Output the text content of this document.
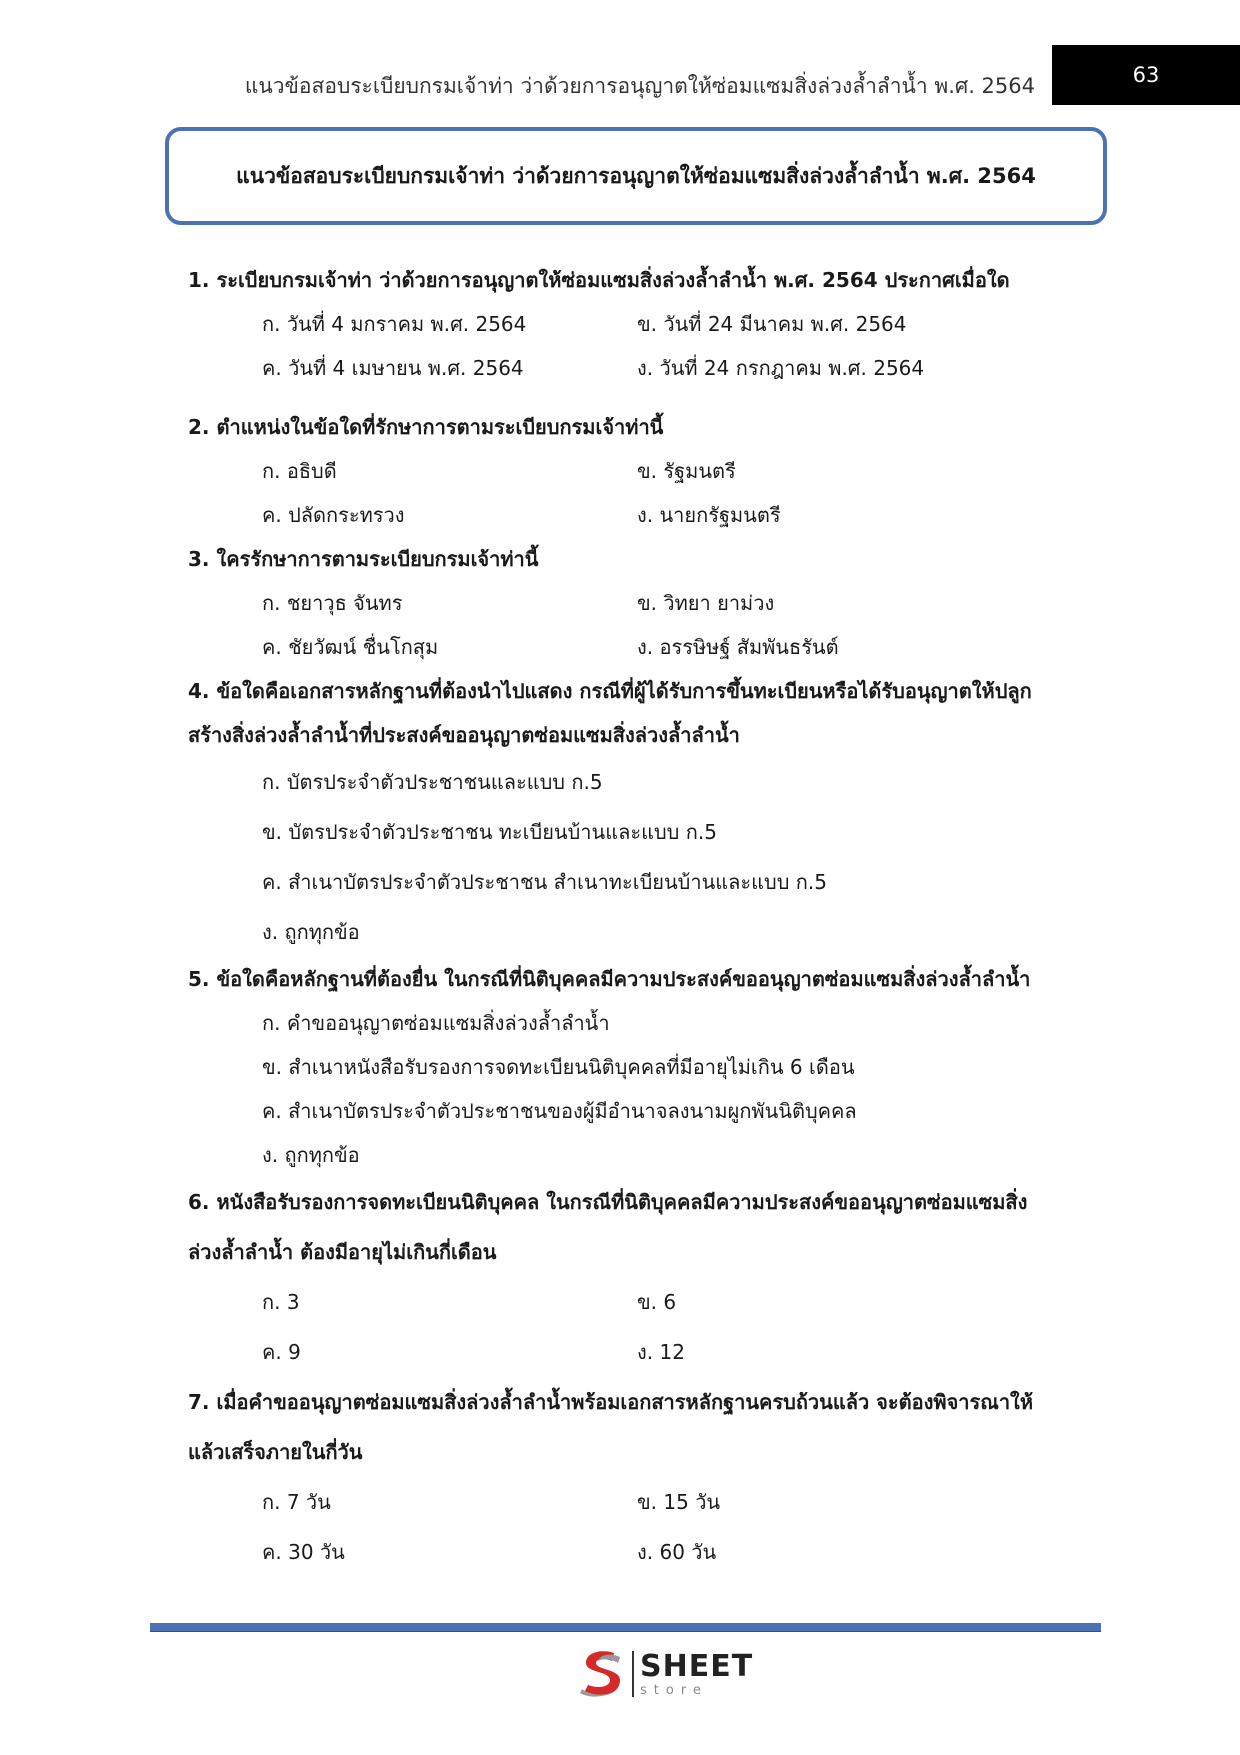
แนวข้อสอบระเบียบกรมเจ้าท่า ว่าด้วยการอนุญาตให้ซ่อมแซมสิ่งล่วงล้ำลำน้ำ พ.ศ. 2564	63
แนวข้อสอบระเบียบกรมเจ้าท่า ว่าด้วยการอนุญาตให้ซ่อมแซมสิ่งล่วงล้ำลำน้ำ พ.ศ. 2564
1. ระเบียบกรมเจ้าท่า ว่าด้วยการอนุญาตให้ซ่อมแซมสิ่งล่วงล้ำลำน้ำ พ.ศ. 2564 ประกาศเมื่อใด
ก. วันที่ 4 มกราคม พ.ศ. 2564	ข. วันที่ 24 มีนาคม พ.ศ. 2564
ค. วันที่ 4 เมษายน พ.ศ. 2564	ง. วันที่ 24 กรกฎาคม พ.ศ. 2564
2. ตำแหน่งในข้อใดที่รักษาการตามระเบียบกรมเจ้าท่านี้
ก. อธิบดี	ข. รัฐมนตรี
ค. ปลัดกระทรวง	ง. นายกรัฐมนตรี
3. ใครรักษาการตามระเบียบกรมเจ้าท่านี้
ก. ชยาวุธ จันทร	ข. วิทยา ยาม่วง
ค. ชัยวัฒน์ ชื่นโกสุม	ง. อรรษิษฐ์ สัมพันธรันต์
4. ข้อใดคือเอกสารหลักฐานที่ต้องนำไปแสดง กรณีที่ผู้ได้รับการขึ้นทะเบียนหรือได้รับอนุญาตให้ปลูก
สร้างสิ่งล่วงล้ำลำน้ำที่ประสงค์ขออนุญาตซ่อมแซมสิ่งล่วงล้ำลำน้ำ
ก. บัตรประจำตัวประชาชนและแบบ ก.5
ข. บัตรประจำตัวประชาชน ทะเบียนบ้านและแบบ ก.5
ค. สำเนาบัตรประจำตัวประชาชน สำเนาทะเบียนบ้านและแบบ ก.5
ง. ถูกทุกข้อ
5. ข้อใดคือหลักฐานที่ต้องยื่น ในกรณีที่นิติบุคคลมีความประสงค์ขออนุญาตซ่อมแซมสิ่งล่วงล้ำลำน้ำ
ก. คำขออนุญาตซ่อมแซมสิ่งล่วงล้ำลำน้ำ
ข. สำเนาหนังสือรับรองการจดทะเบียนนิติบุคคลที่มีอายุไม่เกิน 6 เดือน
ค. สำเนาบัตรประจำตัวประชาชนของผู้มีอำนาจลงนามผูกพันนิติบุคคล
ง. ถูกทุกข้อ
6. หนังสือรับรองการจดทะเบียนนิติบุคคล ในกรณีที่นิติบุคคลมีความประสงค์ขออนุญาตซ่อมแซมสิ่ง
ล่วงล้ำลำน้ำ ต้องมีอายุไม่เกินกี่เดือน
ก. 3	ข. 6
ค. 9	ง. 12
7. เมื่อคำขออนุญาตซ่อมแซมสิ่งล่วงล้ำลำน้ำพร้อมเอกสารหลักฐานครบถ้วนแล้ว จะต้องพิจารณาให้
แล้วเสร็จภายในกี่วัน
ก. 7 วัน	ข. 15 วัน
ค. 30 วัน	ง. 60 วัน
SHEET
store
